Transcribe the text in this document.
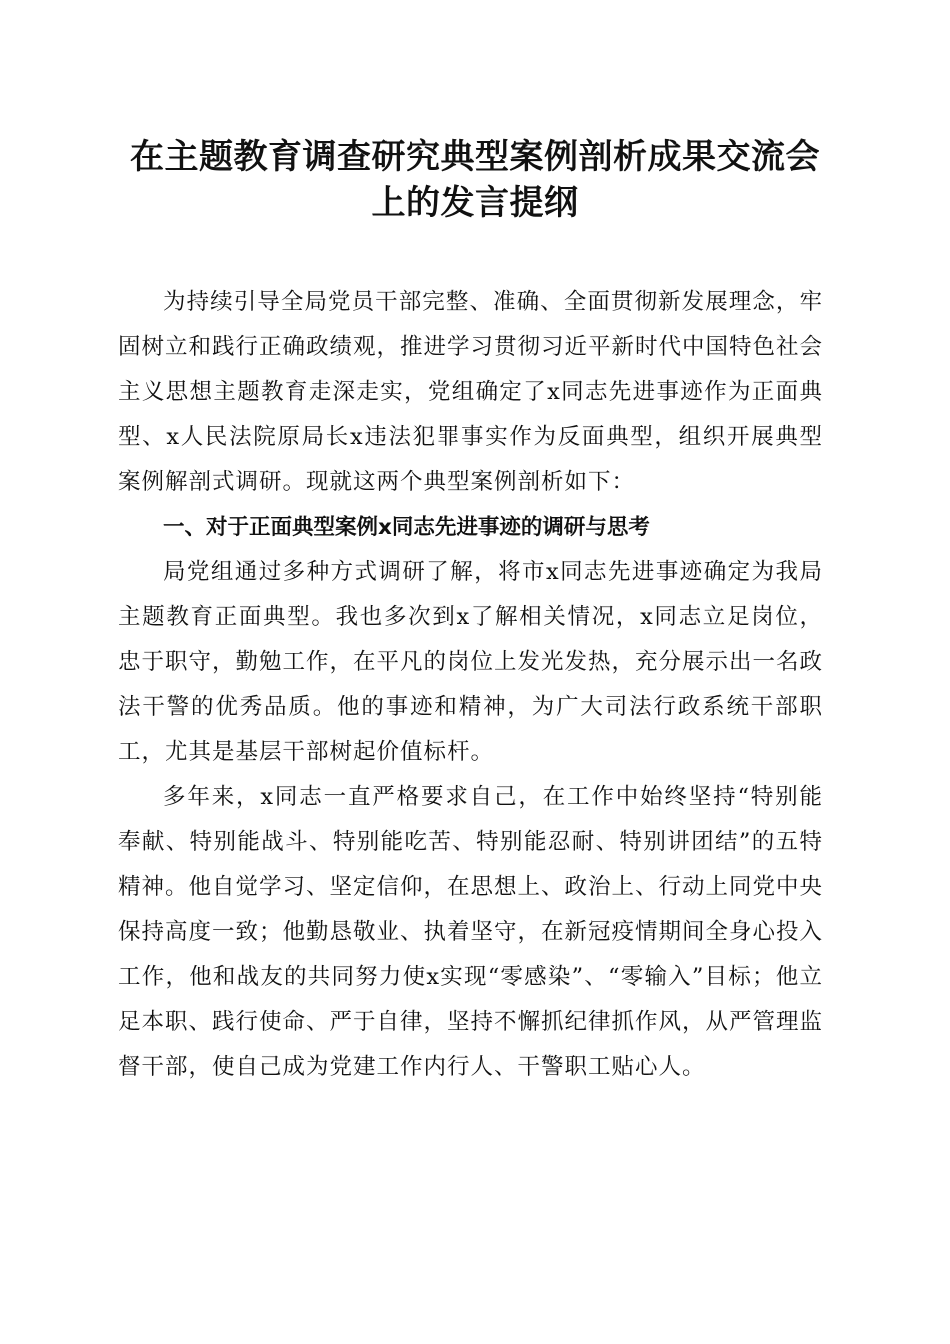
在主题教育调查研究典型案例剖析成果交流会
上的发言提纲

为持续引导全局党员干部完整、准确、全面贯彻新发展理念，牢固树立和践行正确政绩观，推进学习贯彻习近平新时代中国特色社会主义思想主题教育走深走实，党组确定了x同志先进事迹作为正面典型、x人民法院原局长x违法犯罪事实作为反面典型，组织开展典型案例解剖式调研。现就这两个典型案例剖析如下：

一、对于正面典型案例x同志先进事迹的调研与思考

局党组通过多种方式调研了解，将市x同志先进事迹确定为我局主题教育正面典型。我也多次到x了解相关情况，x同志立足岗位，忠于职守，勤勉工作，在平凡的岗位上发光发热，充分展示出一名政法干警的优秀品质。他的事迹和精神，为广大司法行政系统干部职工，尤其是基层干部树起价值标杆。

多年来，x同志一直严格要求自己，在工作中始终坚持“特别能奉献、特别能战斗、特别能吃苦、特别能忍耐、特别讲团结”的五特精神。他自觉学习、坚定信仰，在思想上、政治上、行动上同党中央保持高度一致；他勤恳敬业、执着坚守，在新冠疫情期间全身心投入工作，他和战友的共同努力使x实现“零感染”、“零输入”目标；他立足本职、践行使命、严于自律，坚持不懈抓纪律抓作风，从严管理监督干部，使自己成为党建工作内行人、干警职工贴心人。
